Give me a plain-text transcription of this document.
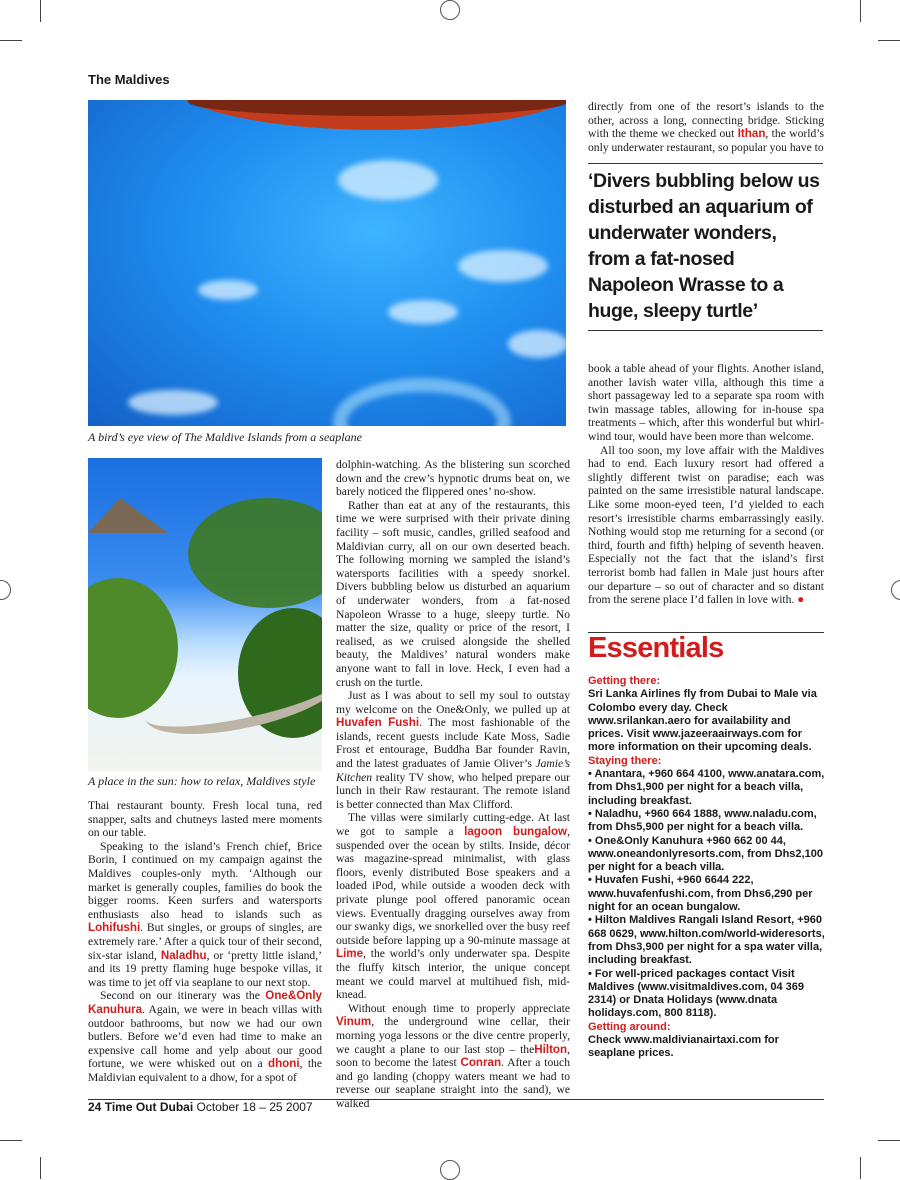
The Maldives
A bird’s eye view of The Maldive Islands from a seaplane
A place in the sun: how to relax, Maldives style

Thai restaurant bounty. Fresh local tuna, red snapper, salts and chutneys lasted mere moments on our table.

Speaking to the island’s French chief, Brice Borin, I continued on my campaign against the Maldives couples-only myth. ‘Although our market is generally couples, families do book the bigger rooms. Keen surfers and watersports enthusiasts also head to islands such as Lohifushi. But singles, or groups of singles, are extremely rare.’ After a quick tour of their second, six-star island, Naladhu, or ‘pretty little island,’ and its 19 pretty flaming huge bespoke villas, it was time to jet off via seaplane to our next stop.

Second on our itinerary was the One&Only Kanuhura. Again, we were in beach villas with outdoor bathrooms, but now we had our own butlers. Before we’d even had time to make an expensive call home and yelp about our good fortune, we were whisked out on a dhoni, the Maldivian equivalent to a dhow, for a spot of

dolphin-watching. As the blistering sun scorched down and the crew’s hypnotic drums beat on, we barely noticed the flippered ones’ no-show.

Rather than eat at any of the restaurants, this time we were surprised with their private dining facility – soft music, candles, grilled seafood and Maldivian curry, all on our own deserted beach. The following morning we sampled the island’s watersports facilities with a speedy snorkel. Divers bubbling below us disturbed an aquarium of underwater wonders, from a fat-nosed Napoleon Wrasse to a huge, sleepy turtle. No matter the size, quality or price of the resort, I realised, as we cruised alongside the shelled beauty, the Maldives’ natural wonders make anyone want to fall in love. Heck, I even had a crush on the turtle.

Just as I was about to sell my soul to outstay my welcome on the One&Only, we pulled up at Huvafen Fushi. The most fashionable of the islands, recent guests include Kate Moss, Sadie Frost et entourage, Buddha Bar founder Ravin, and the latest graduates of Jamie Oliver’s Jamie’s Kitchen reality TV show, who helped prepare our lunch in their Raw restaurant. The remote island is better connected than Max Clifford.

The villas were similarly cutting-edge. At last we got to sample a lagoon bungalow, suspended over the ocean by stilts. Inside, décor was magazine-spread minimalist, with glass floors, evenly distributed Bose speakers and a loaded iPod, while outside a wooden deck with private plunge pool offered panoramic ocean views. Eventually dragging ourselves away from our swanky digs, we snorkelled over the busy reef outside before lapping up a 90-minute massage at Lime, the world’s only underwater spa. Despite the fluffy kitsch interior, the unique concept meant we could marvel at multihued fish, mid-knead.

Without enough time to properly appreciate Vinum, the underground wine cellar, their morning yoga lessons or the dive centre properly, we caught a plane to our last stop – theHilton, soon to become the latest Conran. After a touch and go landing (choppy waters meant we had to reverse our seaplane straight into the sand), we walked

directly from one of the resort’s islands to the other, across a long, connecting bridge. Sticking with the theme we checked out Ithan, the world’s only underwater restaurant, so popular you have to

‘Divers bubbling below us disturbed an aquarium of underwater wonders, from a fat-nosed Napoleon Wrasse to a huge, sleepy turtle’

book a table ahead of your flights. Another island, another lavish water villa, although this time a short passageway led to a separate spa room with twin massage tables, allowing for in-house spa treatments – which, after this wonderful but whirl-wind tour, would have been more than welcome.

All too soon, my love affair with the Maldives had to end. Each luxury resort had offered a slightly different twist on paradise; each was painted on the same irresistible natural landscape. Like some moon-eyed teen, I’d yielded to each resort’s irresistible charms embarrassingly easily. Nothing would stop me returning for a second (or third, fourth and fifth) helping of seventh heaven. Especially not the fact that the island’s first terrorist bomb had fallen in Male just hours after our departure – so out of character and so distant from the serene place I’d fallen in love with. ●

Essentials
Getting there:
Sri Lanka Airlines fly from Dubai to Male via Colombo every day. Check www.srilankan.aero for availability and prices. Visit www.jazeeraairways.com for more information on their upcoming deals.
Staying there:
• Anantara, +960 664 4100, www.anatara.com, from Dhs1,900 per night for a beach villa, including breakfast.
• Naladhu, +960 664 1888, www.naladu.com, from Dhs5,900 per night for a beach villa.
• One&Only Kanuhura +960 662 00 44, www.oneandonlyresorts.com, from Dhs2,100 per night for a beach villa.
• Huvafen Fushi, +960 6644 222, www.huvafenfushi.com, from Dhs6,290 per night for an ocean bungalow.
• Hilton Maldives Rangali Island Resort, +960 668 0629, www.hilton.com/world-wideresorts, from Dhs3,900 per night for a spa water villa, including breakfast.
• For well-priced packages contact Visit Maldives (www.visitmaldives.com, 04 369 2314) or Dnata Holidays (www.dnata holidays.com, 800 8118).
Getting around:
Check www.maldivianairtaxi.com for seaplane prices.
24 Time Out Dubai October 18 – 25 2007
